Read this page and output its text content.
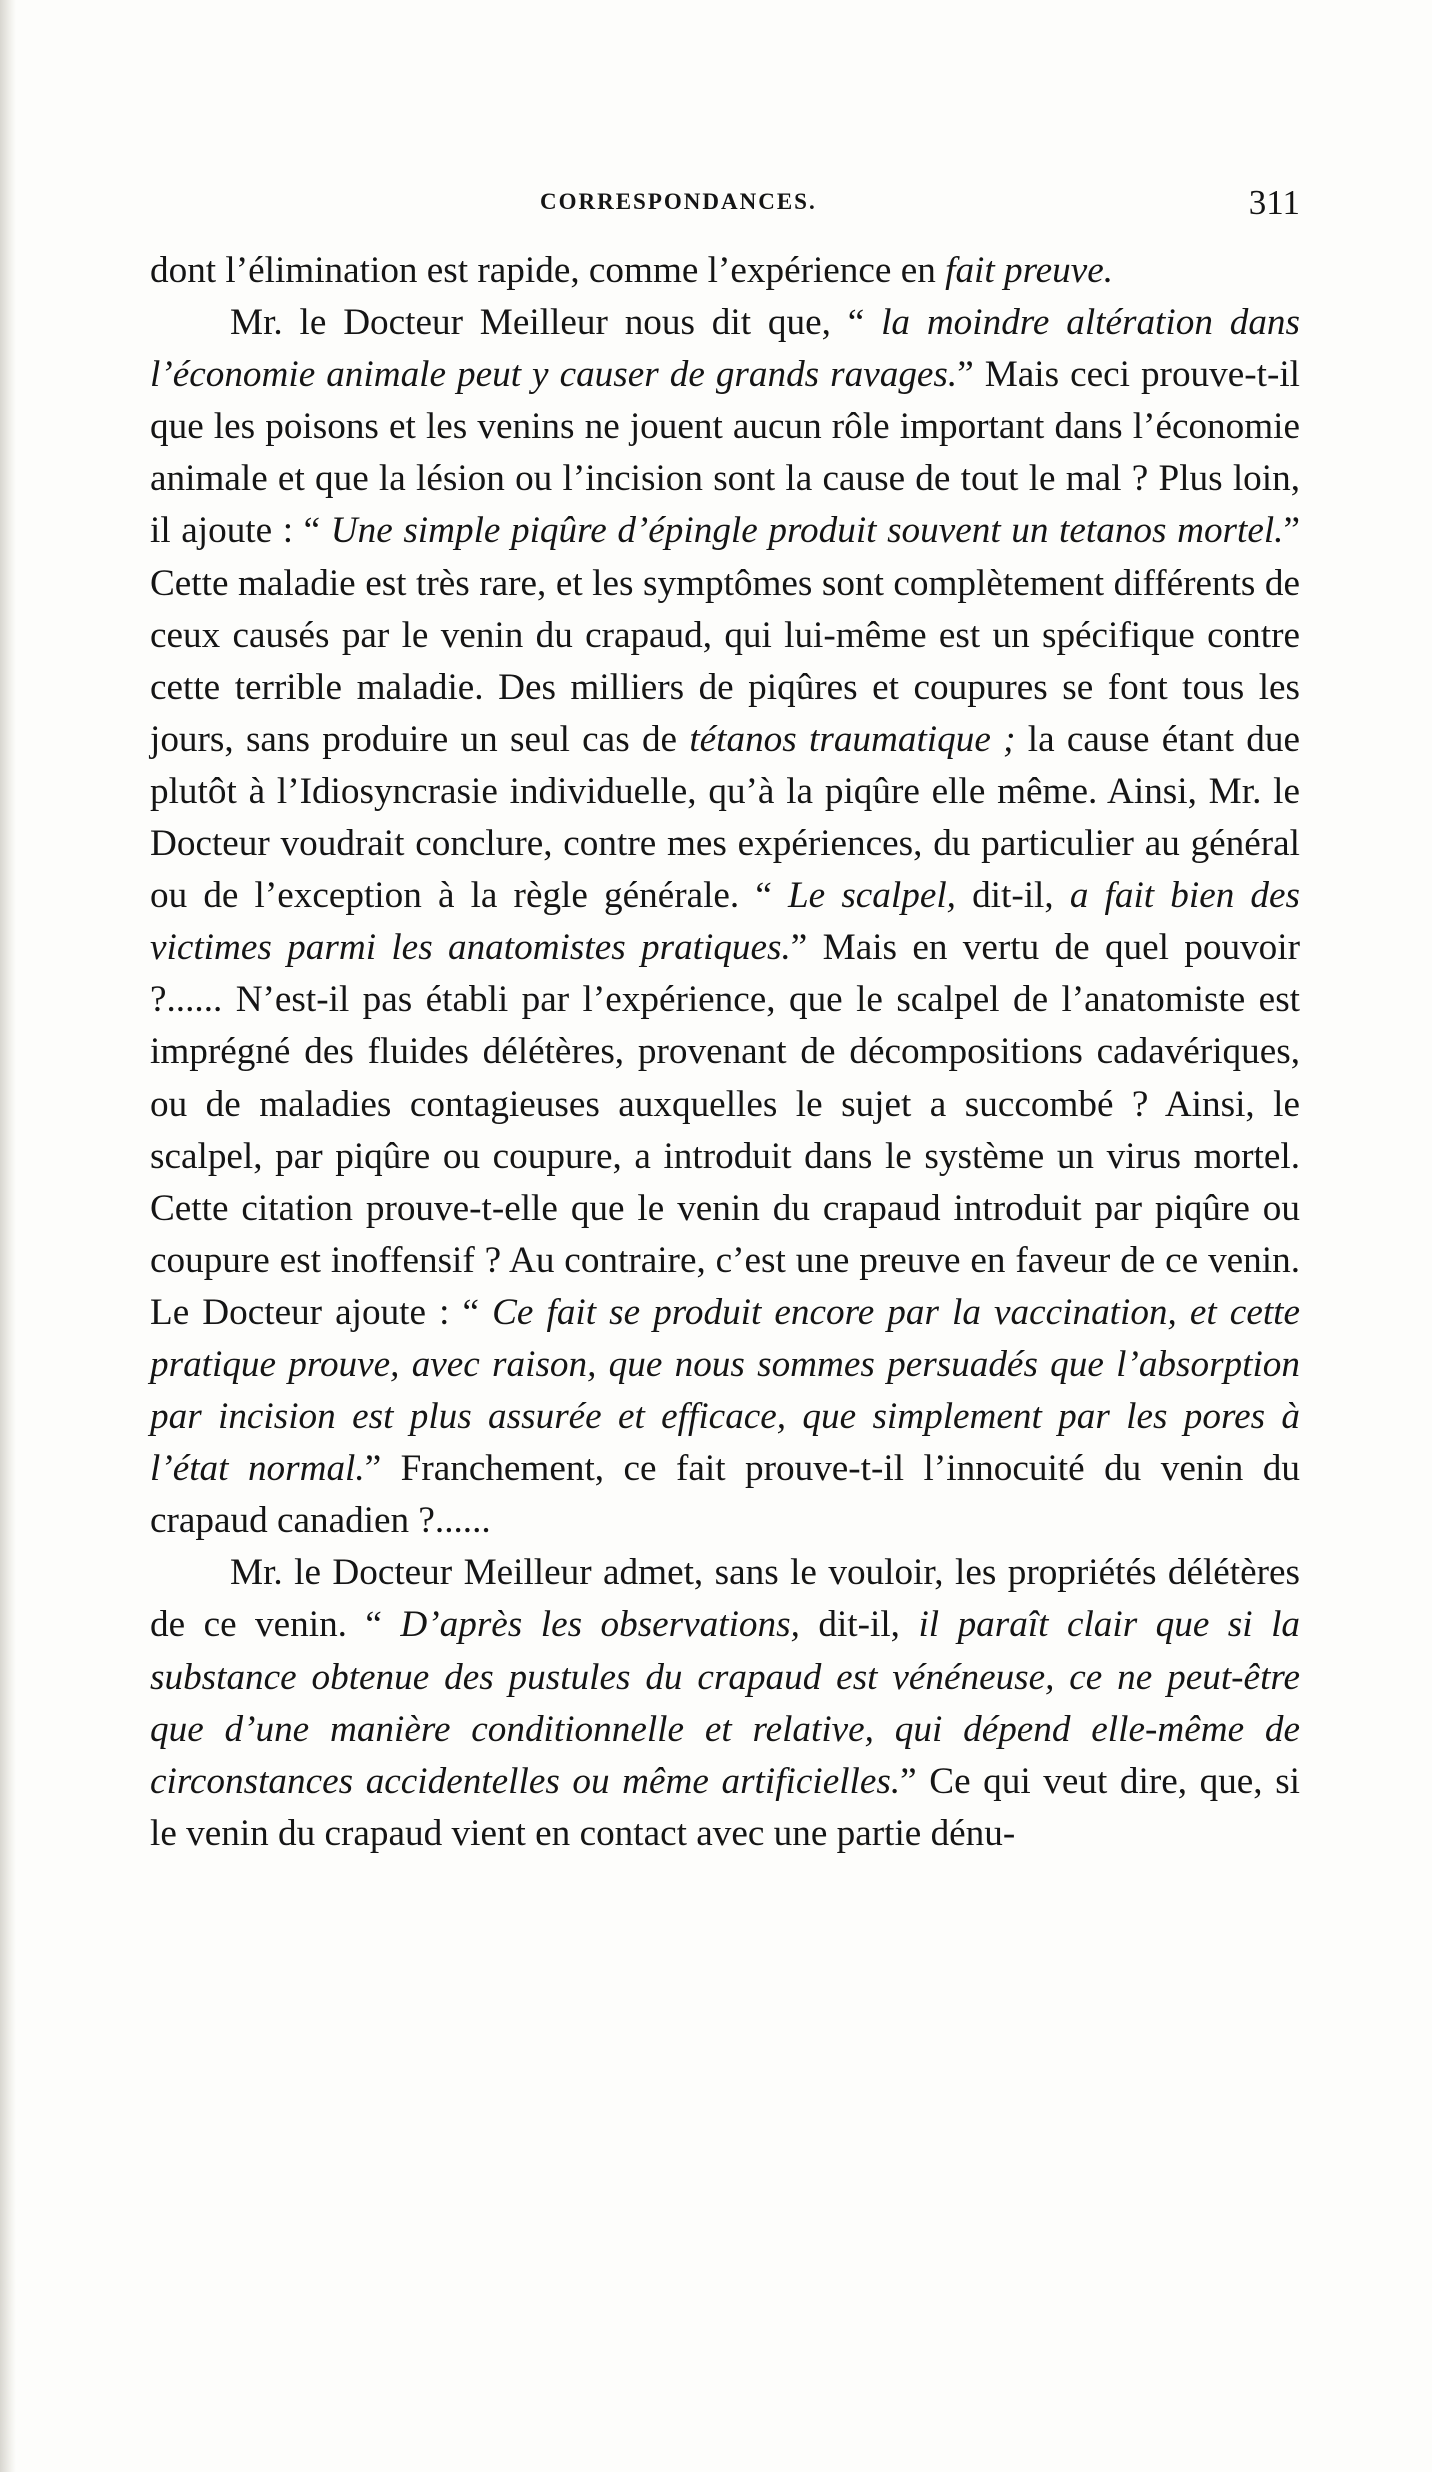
CORRESPONDANCES.	311

dont l’élimination est rapide, comme l’expérience en fait preuve.

Mr. le Docteur Meilleur nous dit que, “ la moindre altération dans l’économie animale peut y causer de grands ravages.” Mais ceci prouve-t-il que les poisons et les venins ne jouent aucun rôle important dans l’économie animale et que la lésion ou l’incision sont la cause de tout le mal ? Plus loin, il ajoute : “ Une simple piqûre d’épingle produit souvent un tetanos mortel.” Cette maladie est très rare, et les symptômes sont complètement différents de ceux causés par le venin du crapaud, qui lui-même est un spécifique contre cette terrible maladie. Des milliers de piqûres et coupures se font tous les jours, sans produire un seul cas de tétanos traumatique ; la cause étant due plutôt à l’Idiosyncrasie individuelle, qu’à la piqûre elle même. Ainsi, Mr. le Docteur voudrait conclure, contre mes expériences, du particulier au général ou de l’exception à la règle générale. “ Le scalpel, dit-il, a fait bien des victimes parmi les anatomistes pratiques.” Mais en vertu de quel pouvoir ?...... N’est-il pas établi par l’expérience, que le scalpel de l’anatomiste est imprégné des fluides délétères, provenant de décompositions cadavériques, ou de maladies contagieuses auxquelles le sujet a succombé ? Ainsi, le scalpel, par piqûre ou coupure, a introduit dans le système un virus mortel. Cette citation prouve-t-elle que le venin du crapaud introduit par piqûre ou coupure est inoffensif ? Au contraire, c’est une preuve en faveur de ce venin. Le Docteur ajoute : “ Ce fait se produit encore par la vaccination, et cette pratique prouve, avec raison, que nous sommes persuadés que l’absorption par incision est plus assurée et efficace, que simplement par les pores à l’état normal.” Franchement, ce fait prouve-t-il l’innocuité du venin du crapaud canadien ?......

Mr. le Docteur Meilleur admet, sans le vouloir, les propriétés délétères de ce venin. “ D’après les observations, dit-il, il paraît clair que si la substance obtenue des pustules du crapaud est vénéneuse, ce ne peut-être que d’une manière conditionnelle et relative, qui dépend elle-même de circonstances accidentelles ou même artificielles.” Ce qui veut dire, que, si le venin du crapaud vient en contact avec une partie dénu-
